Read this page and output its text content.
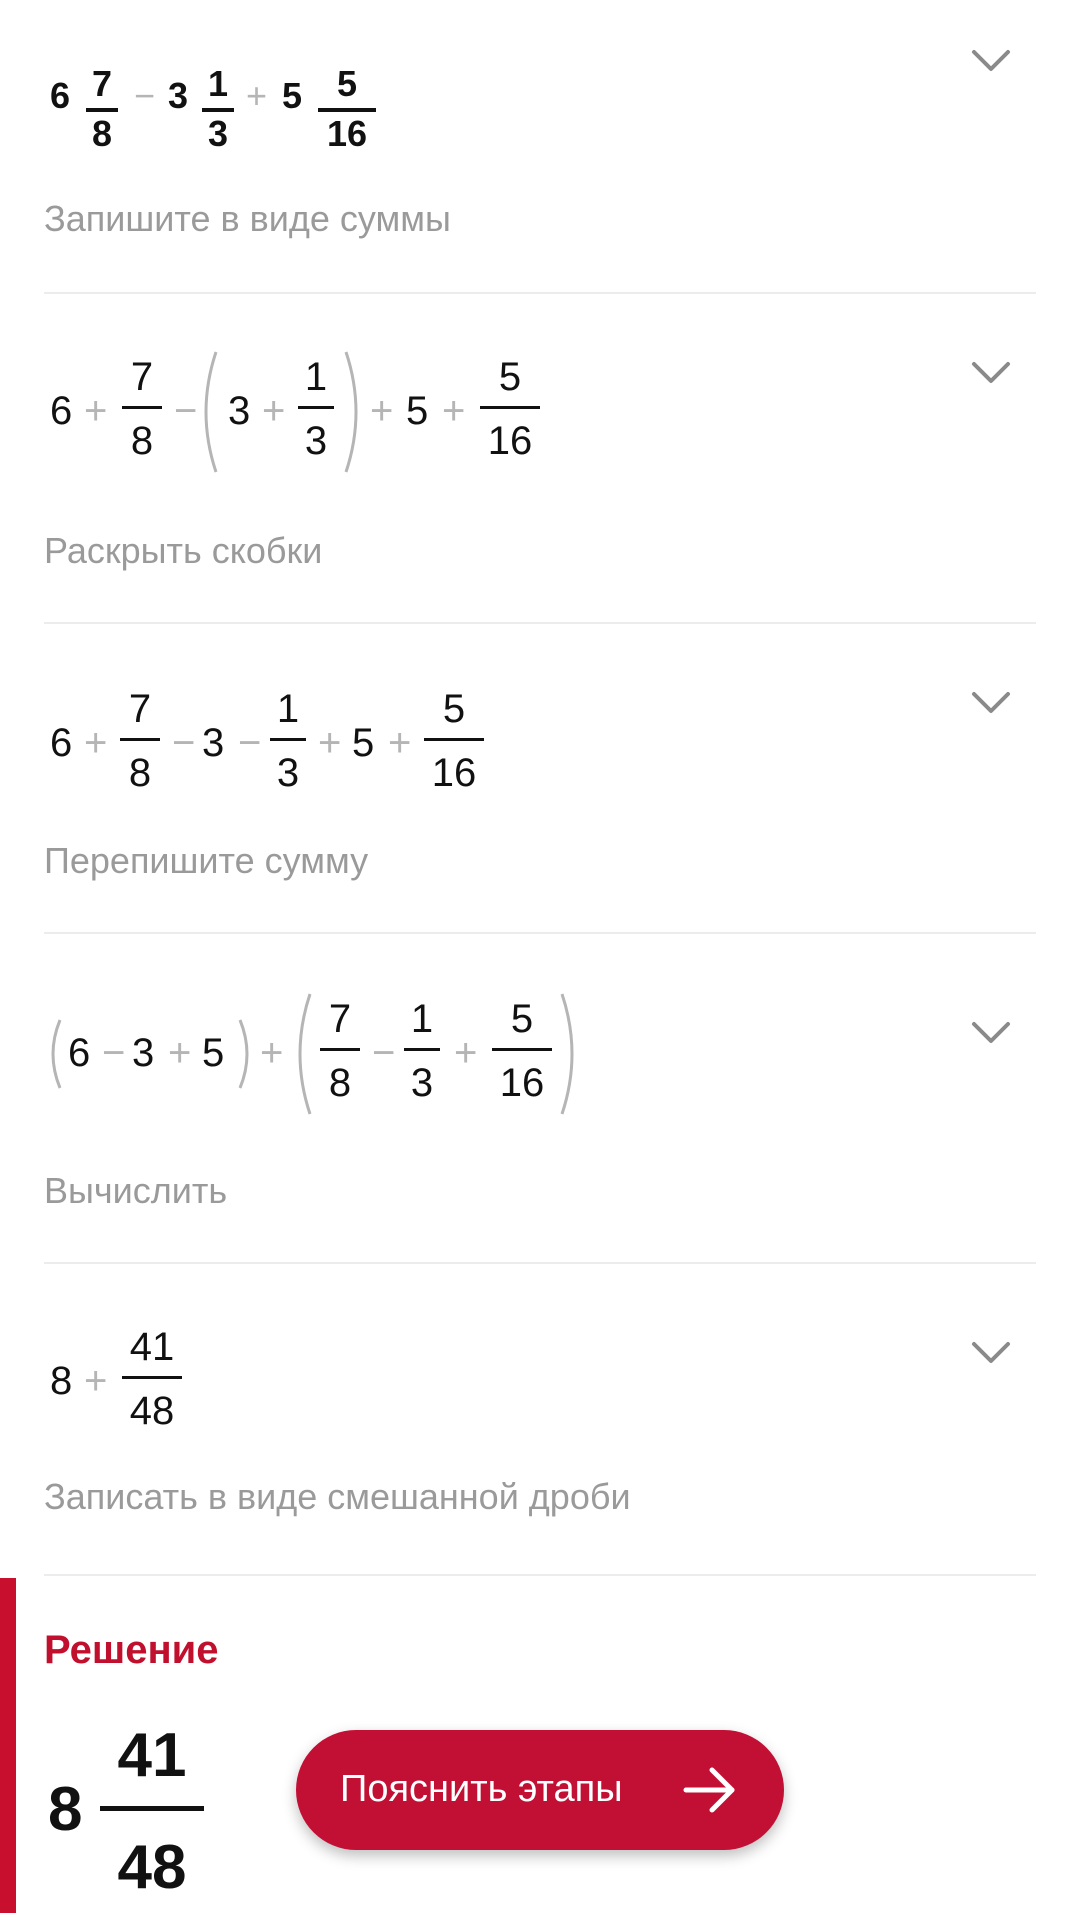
6 7
8
− 3 1
3
+ 5 5
16
Запишите в виде суммы
6 +
7
8
− 3 +
1
3
+ 5 +
5
16
Раскрыть скобки
6 +
7
8
− 3 −
1
3
+ 5 +
5
16
Перепишите сумму
6 − 3 + 5 +
7
8
−
1
3
+
5
16
Вычислить
8 +
41
48
Записать в виде смешанной дроби
Решение
8
41
48
Пояснить этапы
